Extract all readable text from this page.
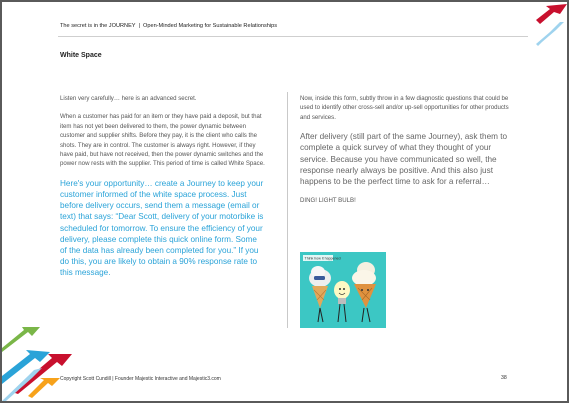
The secret is in the JOURNEY | Open-Minded Marketing for Sustainable Relationships
White Space

Listen very carefully… here is an advanced secret.

When a customer has paid for an item or they have paid a deposit, but that item has not yet been delivered to them, the power dynamic between customer and supplier shifts. Before they pay, it is the client who calls the shots. They are in control. The customer is always right. However, if they have paid, but have not received, then the power dynamic switches and the power now rests with the supplier. This period of time is called White Space.

Here's your opportunity… create a Journey to keep your customer informed of the white space process. Just before delivery occurs, send them a message (email or text) that says: “Dear Scott, delivery of your motorbike is scheduled for tomorrow. To ensure the efficiency of your delivery, please complete this quick online form. Some of the data has already been completed for you.” If you do this, you are likely to obtain a 90% response rate to this message.

Now, inside this form, subtly throw in a few diagnostic questions that could be used to identify other cross-sell and/or up-sell opportunities for other products and services.

After delivery (still part of the same Journey), ask them to complete a quick survey of what they thought of your service. Because you have communicated so well, the response nearly always be positive. And this also just happens to be the perfect time to ask for a referral…

DING! LIGHT BULB!

Think how it happened
Copyright Scott Cundill | Founder Majestic Interactive and Majestic3.com	38
